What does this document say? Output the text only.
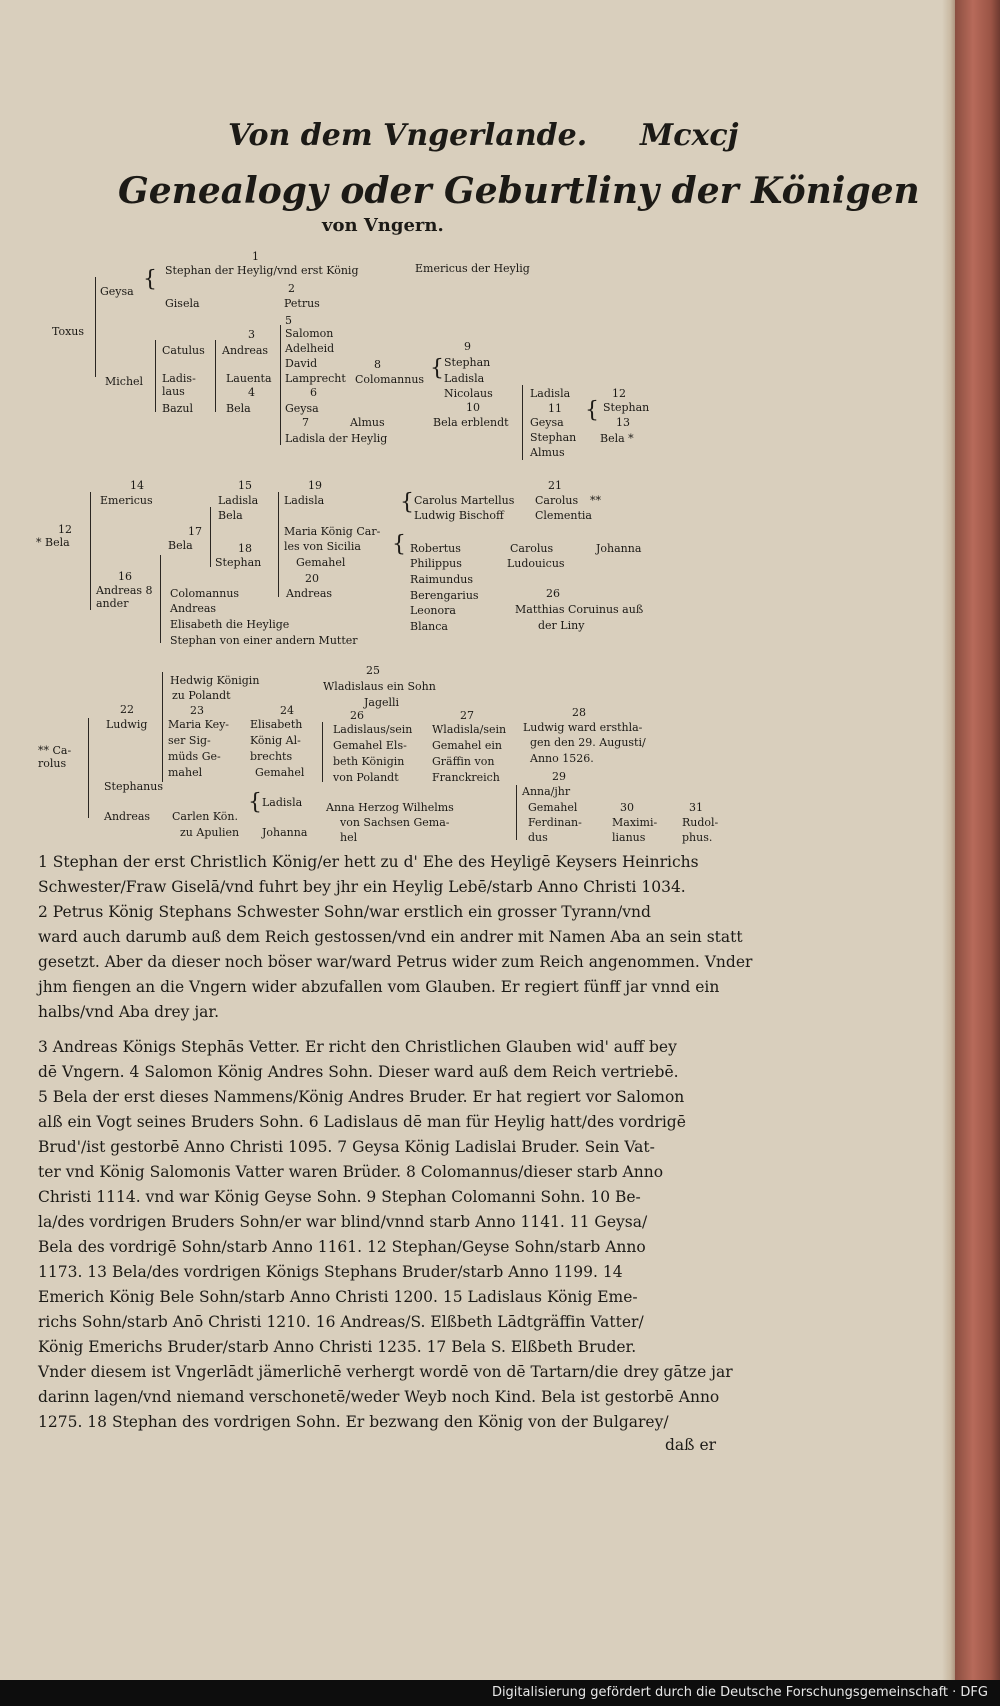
Von dem Vngerlande. Mcxcj
Genealogy oder Geburtliny der Königen
von Vngern.
1
Stephan der Heylig/vnd erst König	Emericus der Heylig
{
Geysa	2
Gisela	Petrus
Toxus
5
Salomon
3
Catulus Andreas Adelheid	9
Stephan
David	8
Michel Ladis-
laus
Lauenta Lamprecht Colomannus { Ladisla
4	6	Nicolaus	Ladisla	12
Bazul	Bela	Geysa	10	11 { Stephan
Almus	Bela erblendt Geysa	13
7
Ladisla der Heylig	Stephan Bela *
Almus
14	15	19	21
Emericus	Ladisla Ladisla	{ Carolus Martellus Carolus **
Bela	Ludwig Bischoff	Clementia
12	17	Maria König Car-
* Bela	Bela	les von Sicilia { Robertus	Carolus	Johanna
18
Gemahel	Philippus	Ludouicus
16
Stephan
20	Raimundus
Andreas 8
ander
Colomannus	Andreas	Berengarius	26
Andreas	Leonora	Matthias Coruinus auß
Elisabeth die Heylige	Blanca	der Liny
Stephan von einer andern Mutter
25
Hedwig Königin	Wladislaus ein Sohn
zu Polandt
Jagelli
22	23	24	26	27	28
Ludwig Maria Key- Elisabeth	Ladislaus/sein Wladisla/sein Ludwig ward ersthla-
ser Sig-	König Al-	Gemahel Els- Gemahel ein	gen den 29. Augusti/
** Ca-
rolus
müds Ge-	brechts	beth Königin	Gräffin von	Anno 1526.
mahel	Gemahel	von Polandt	Franckreich	29
Stephanus	Anna/jhr
{ Ladisla Anna Herzog Wilhelms	Gemahel	30	31
Andreas Carlen Kön.	von Sachsen Gema-	Ferdinan-	Maximi- Rudol-
zu Apulien Johanna	hel	dus	lianus	phus.

1 Stephan der erst Christlich König/er hett zu d' Ehe des Heyligē Keysers Heinrichs

Schwester/Fraw Giselā/vnd fuhrt bey jhr ein Heylig Lebē/starb Anno Christi 1034.

2 Petrus König Stephans Schwester Sohn/war erstlich ein grosser Tyrann/vnd

ward auch darumb auß dem Reich gestossen/vnd ein andrer mit Namen Aba an sein statt

gesetzt. Aber da dieser noch böser war/ward Petrus wider zum Reich angenommen. Vnder

jhm fiengen an die Vngern wider abzufallen vom Glauben. Er regiert fünff jar vnnd ein

halbs/vnd Aba drey jar.

3 Andreas Königs Stephās Vetter. Er richt den Christlichen Glauben wid' auff bey

dē Vngern. 4 Salomon König Andres Sohn. Dieser ward auß dem Reich vertriebē.

5 Bela der erst dieses Nammens/König Andres Bruder. Er hat regiert vor Salomon

alß ein Vogt seines Bruders Sohn. 6 Ladislaus dē man für Heylig hatt/des vordrigē

Brud'/ist gestorbē Anno Christi 1095. 7 Geysa König Ladislai Bruder. Sein Vat-

ter vnd König Salomonis Vatter waren Brüder. 8 Colomannus/dieser starb Anno

Christi 1114. vnd war König Geyse Sohn. 9 Stephan Colomanni Sohn. 10 Be-

la/des vordrigen Bruders Sohn/er war blind/vnnd starb Anno 1141. 11 Geysa/

Bela des vordrigē Sohn/starb Anno 1161. 12 Stephan/Geyse Sohn/starb Anno

1173. 13 Bela/des vordrigen Königs Stephans Bruder/starb Anno 1199. 14

Emerich König Bele Sohn/starb Anno Christi 1200. 15 Ladislaus König Eme-

richs Sohn/starb Anō Christi 1210. 16 Andreas/S. Elßbeth Lādtgräffin Vatter/

König Emerichs Bruder/starb Anno Christi 1235. 17 Bela S. Elßbeth Bruder.

Vnder diesem ist Vngerlādt jämerlichē verhergt wordē von dē Tartarn/die drey gātze jar

darinn lagen/vnd niemand verschonetē/weder Weyb noch Kind. Bela ist gestorbē Anno

1275. 18 Stephan des vordrigen Sohn. Er bezwang den König von der Bulgarey/

daß er
Digitalisierung gefördert durch die Deutsche Forschungsgemeinschaft · DFG
